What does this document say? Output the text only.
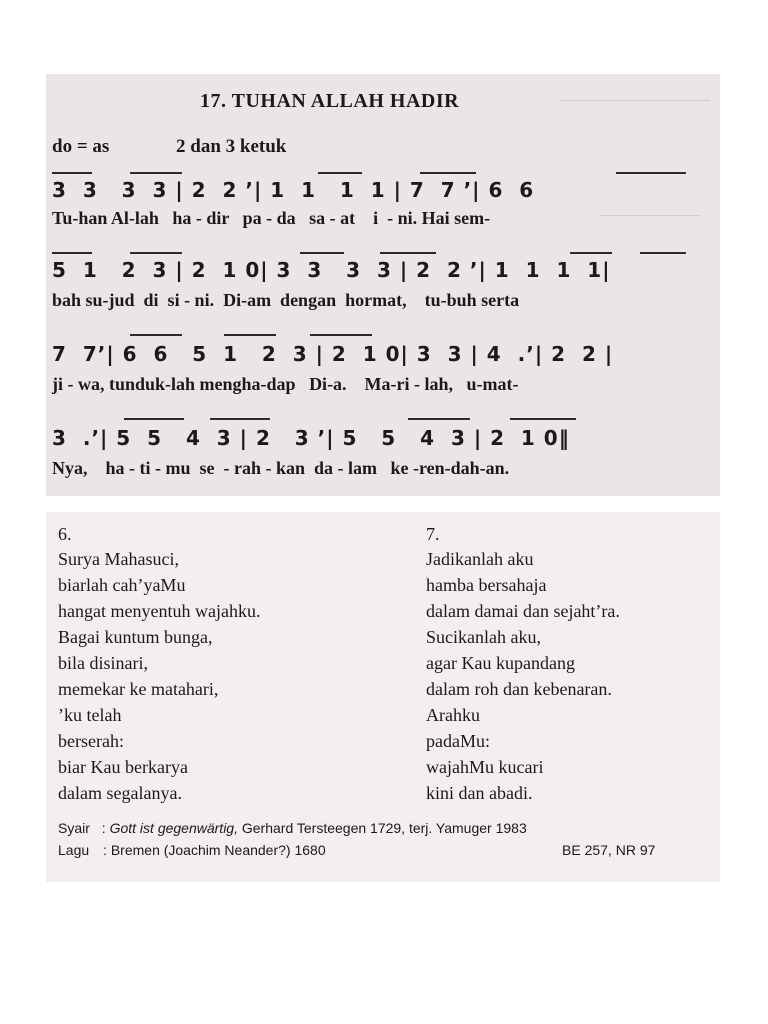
17. TUHAN ALLAH HADIR
do = as	2 dan 3 ketuk
3  3   3  3 | 2  2 ’| 1  1   1  1 | 7  7 ’| 6  6
Tu-han Al-lah   ha - dir   pa - da   sa - at    i  - ni. Hai sem-
5  1   2  3 | 2  1 0| 3  3   3  3 | 2  2 ’| 1  1  1  1|
bah su-jud  di  si - ni.  Di-am  dengan  hormat,    tu-buh serta
7  7’| 6  6   5  1   2  3 | 2  1 0| 3  3 | 4  .’| 2  2 |
ji - wa, tunduk-lah mengha-dap   Di-a.    Ma-ri - lah,   u-mat-
3  .’| 5  5   4  3 | 2   3 ’| 5   5   4  3 | 2  1 0‖
Nya,    ha - ti - mu  se  - rah - kan  da - lam   ke -ren-dah-an.
6.
Surya Mahasuci,
biarlah cah’yaMu
hangat menyentuh wajahku.
Bagai kuntum bunga,
bila disinari,
memekar ke matahari,
’ku telah
berserah:
biar Kau berkarya
dalam segalanya.
7.
Jadikanlah aku
hamba bersahaja
dalam damai dan sejaht’ra.
Sucikanlah aku,
agar Kau kupandang
dalam roh dan kebenaran.
Arahku
padaMu:
wajahMu kucari
kini dan abadi.
Syair : Gott ist gegenwärtig, Gerhard Tersteegen 1729, terj. Yamuger 1983
Lagu : Bremen (Joachim Neander?) 1680	BE 257, NR 97
